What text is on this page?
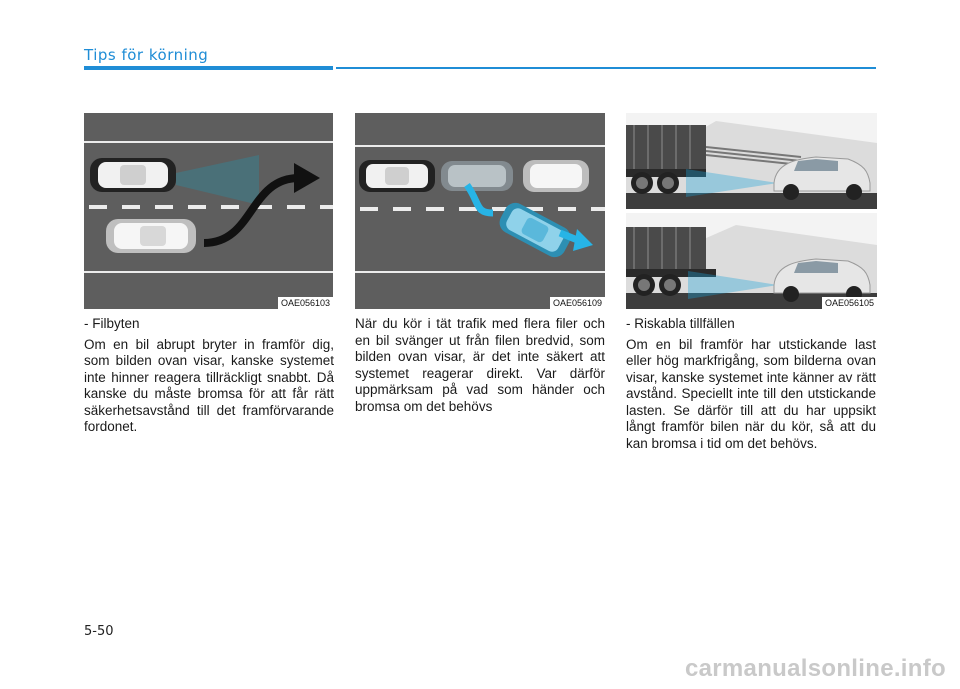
Tips för körning
OAE056103	OAE056109	OAE056105
- Filbyten

Om en bil abrupt bryter in framför dig, som bilden ovan visar, kanske systemet inte hinner reagera tillräckligt snabbt. Då kanske du måste bromsa för att får rätt säkerhetsavstånd till det framförvarande fordonet.

När du kör i tät trafik med flera filer och en bil svänger ut från filen bredvid, som bilden ovan visar, är det inte säkert att systemet reagerar direkt. Var därför uppmärksam på vad som händer och bromsa om det behövs

- Riskabla tillfällen

Om en bil framför har utstickande last eller hög markfrigång, som bilderna ovan visar, kanske systemet inte känner av rätt avstånd. Speciellt inte till den utstickande lasten. Se därför till att du har uppsikt långt framför bilen när du kör, så att du kan bromsa i tid om det behövs.

5-50
carmanualsonline.info
